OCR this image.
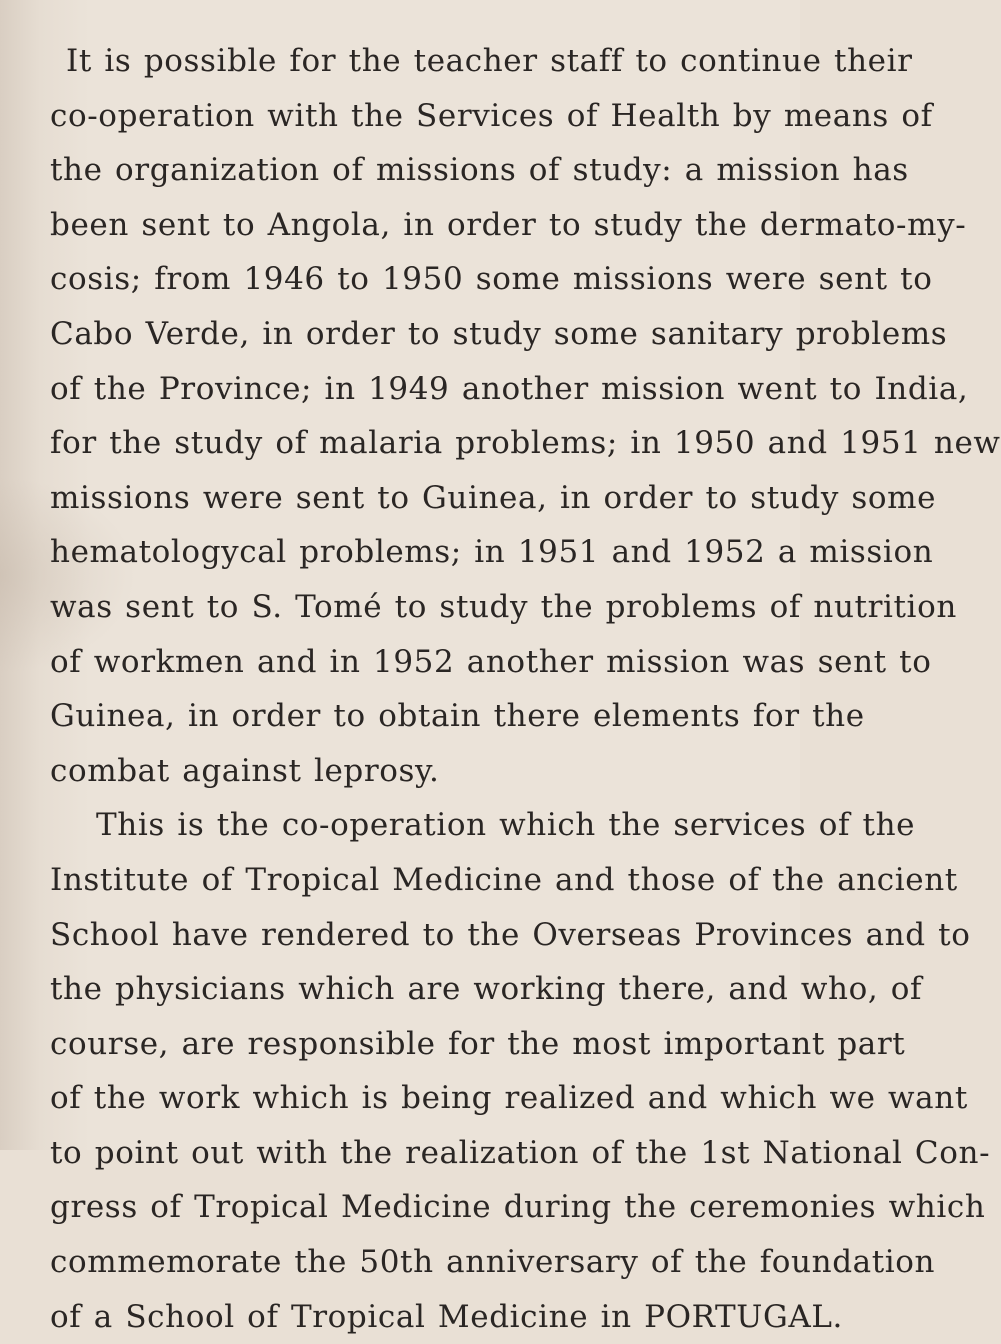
It is possible for the teacher staff to continue their
co-operation with the Services of Health by means of
the organization of missions of study: a mission has
been sent to Angola, in order to study the dermato-my-
cosis; from 1946 to 1950 some missions were sent to
Cabo Verde, in order to study some sanitary problems
of the Province; in 1949 another mission went to India,
for the study of malaria problems; in 1950 and 1951 new
missions were sent to Guinea, in order to study some
hematologycal problems; in 1951 and 1952 a mission
was sent to S. Tomé to study the problems of nutrition
of workmen and in 1952 another mission was sent to
Guinea, in order to obtain there elements for the
combat against leprosy.
This is the co-operation which the services of the
Institute of Tropical Medicine and those of the ancient
School have rendered to the Overseas Provinces and to
the physicians which are working there, and who, of
course, are responsible for the most important part
of the work which is being realized and which we want
to point out with the realization of the 1st National Con-
gress of Tropical Medicine during the ceremonies which
commemorate the 50th anniversary of the foundation
of a School of Tropical Medicine in PORTUGAL.
